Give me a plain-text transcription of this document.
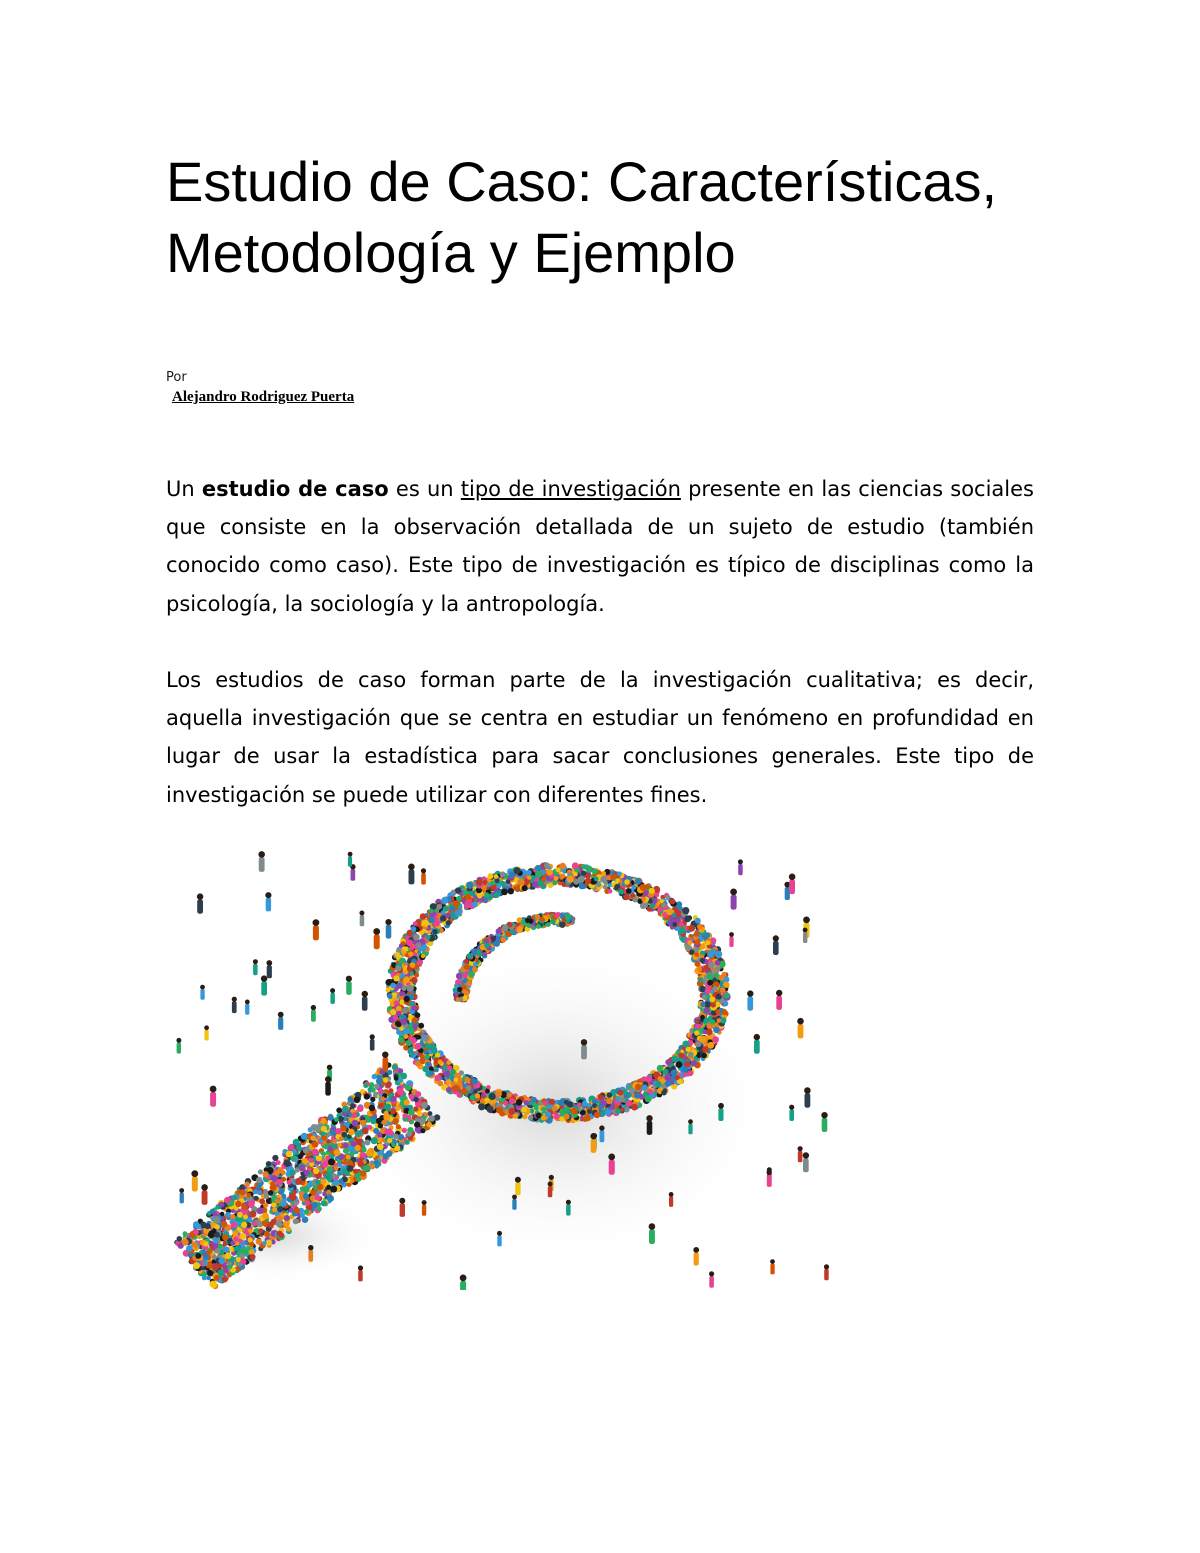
Estudio de Caso: Características, Metodología y Ejemplo
Por
Alejandro Rodriguez Puerta

Un estudio de caso es un tipo de investigación presente en las ciencias sociales que consiste en la observación detallada de un sujeto de estudio (también conocido como caso). Este tipo de investigación es típico de disciplinas como la psicología, la sociología y la antropología.

Los estudios de caso forman parte de la investigación cualitativa; es decir, aquella investigación que se centra en estudiar un fenómeno en profundidad en lugar de usar la estadística para sacar conclusiones generales. Este tipo de investigación se puede utilizar con diferentes fines.
